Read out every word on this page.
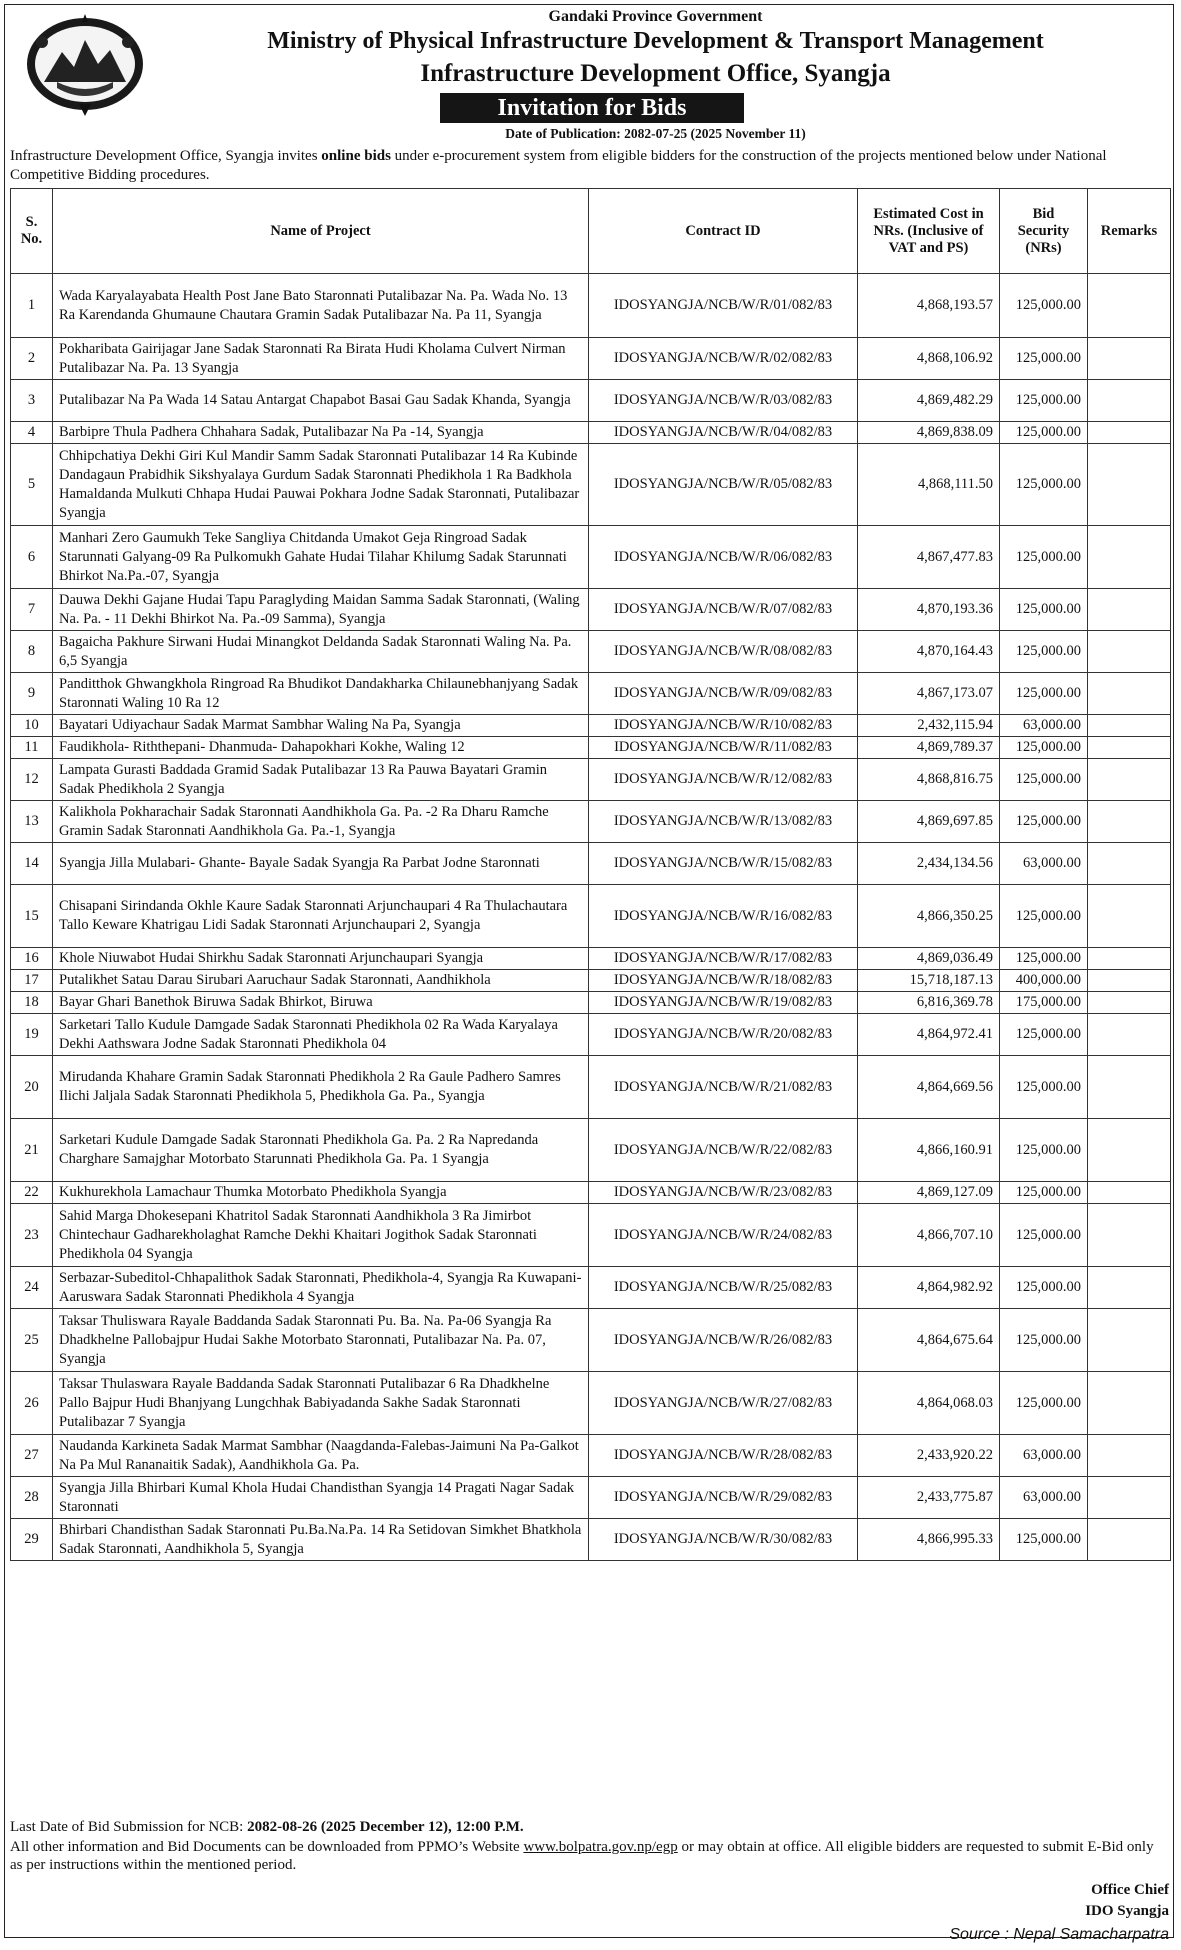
Gandaki Province Government
Ministry of Physical Infrastructure Development & Transport Management
Infrastructure Development Office, Syangja
Invitation for Bids
Date of Publication: 2082-07-25 (2025 November 11)
Infrastructure Development Office, Syangja invites online bids under e-procurement system from eligible bidders for the construction of the projects mentioned below under National Competitive Bidding procedures.
S. No.	Name of Project	Contract ID	Estimated Cost in NRs. (Inclusive of VAT and PS)	Bid Security (NRs)	Remarks
1	Wada Karyalayabata Health Post Jane Bato Staronnati Putalibazar Na. Pa. Wada No. 13 Ra Karendanda Ghumaune Chautara Gramin Sadak Putalibazar Na. Pa 11, Syangja	IDOSYANGJA/NCB/W/R/01/082/83	4,868,193.57	125,000.00	
2	Pokharibata Gairijagar Jane Sadak Staronnati Ra Birata Hudi Kholama Culvert Nirman Putalibazar Na. Pa. 13 Syangja	IDOSYANGJA/NCB/W/R/02/082/83	4,868,106.92	125,000.00	
3	Putalibazar Na Pa Wada 14 Satau Antargat Chapabot Basai Gau Sadak Khanda, Syangja	IDOSYANGJA/NCB/W/R/03/082/83	4,869,482.29	125,000.00	
4	Barbipre Thula Padhera Chhahara Sadak, Putalibazar Na Pa -14, Syangja	IDOSYANGJA/NCB/W/R/04/082/83	4,869,838.09	125,000.00	
5	Chhipchatiya Dekhi Giri Kul Mandir Samm Sadak Staronnati Putalibazar 14 Ra Kubinde Dandagaun Prabidhik Sikshyalaya Gurdum Sadak Staronnati Phedikhola 1 Ra Badkhola Hamaldanda Mulkuti Chhapa Hudai Pauwai Pokhara Jodne Sadak Staronnati, Putalibazar Syangja	IDOSYANGJA/NCB/W/R/05/082/83	4,868,111.50	125,000.00	
6	Manhari Zero Gaumukh Teke Sangliya Chitdanda Umakot Geja Ringroad Sadak Starunnati Galyang-09 Ra Pulkomukh Gahate Hudai Tilahar Khilumg Sadak Starunnati Bhirkot Na.Pa.-07, Syangja	IDOSYANGJA/NCB/W/R/06/082/83	4,867,477.83	125,000.00	
7	Dauwa Dekhi Gajane Hudai Tapu Paraglyding Maidan Samma Sadak Staronnati, (Waling Na. Pa. - 11 Dekhi Bhirkot Na. Pa.-09 Samma), Syangja	IDOSYANGJA/NCB/W/R/07/082/83	4,870,193.36	125,000.00	
8	Bagaicha Pakhure Sirwani Hudai Minangkot Deldanda Sadak Staronnati Waling Na. Pa. 6,5 Syangja	IDOSYANGJA/NCB/W/R/08/082/83	4,870,164.43	125,000.00	
9	Panditthok Ghwangkhola Ringroad Ra Bhudikot Dandakharka Chilaunebhanjyang Sadak Staronnati Waling 10 Ra 12	IDOSYANGJA/NCB/W/R/09/082/83	4,867,173.07	125,000.00	
10	Bayatari Udiyachaur Sadak Marmat Sambhar Waling Na Pa, Syangja	IDOSYANGJA/NCB/W/R/10/082/83	2,432,115.94	63,000.00	
11	Faudikhola- Riththepani- Dhanmuda- Dahapokhari Kokhe, Waling 12	IDOSYANGJA/NCB/W/R/11/082/83	4,869,789.37	125,000.00	
12	Lampata Gurasti Baddada Gramid Sadak Putalibazar 13 Ra Pauwa Bayatari Gramin Sadak Phedikhola 2 Syangja	IDOSYANGJA/NCB/W/R/12/082/83	4,868,816.75	125,000.00	
13	Kalikhola Pokharachair Sadak Staronnati Aandhikhola Ga. Pa. -2 Ra Dharu Ramche Gramin Sadak Staronnati Aandhikhola Ga. Pa.-1, Syangja	IDOSYANGJA/NCB/W/R/13/082/83	4,869,697.85	125,000.00	
14	Syangja Jilla Mulabari- Ghante- Bayale Sadak Syangja Ra Parbat Jodne Staronnati	IDOSYANGJA/NCB/W/R/15/082/83	2,434,134.56	63,000.00	
15	Chisapani Sirindanda Okhle Kaure Sadak Staronnati Arjunchaupari 4 Ra Thulachautara Tallo Keware Khatrigau Lidi Sadak Staronnati Arjunchaupari 2, Syangja	IDOSYANGJA/NCB/W/R/16/082/83	4,866,350.25	125,000.00	
16	Khole Niuwabot Hudai Shirkhu Sadak Staronnati Arjunchaupari Syangja	IDOSYANGJA/NCB/W/R/17/082/83	4,869,036.49	125,000.00	
17	Putalikhet Satau Darau Sirubari Aaruchaur Sadak Staronnati, Aandhikhola	IDOSYANGJA/NCB/W/R/18/082/83	15,718,187.13	400,000.00	
18	Bayar Ghari Banethok Biruwa Sadak Bhirkot, Biruwa	IDOSYANGJA/NCB/W/R/19/082/83	6,816,369.78	175,000.00	
19	Sarketari Tallo Kudule Damgade Sadak Staronnati Phedikhola 02 Ra Wada Karyalaya Dekhi Aathswara Jodne Sadak Staronnati Phedikhola 04	IDOSYANGJA/NCB/W/R/20/082/83	4,864,972.41	125,000.00	
20	Mirudanda Khahare Gramin Sadak Staronnati Phedikhola 2 Ra Gaule Padhero Samres Ilichi Jaljala Sadak Staronnati Phedikhola 5, Phedikhola Ga. Pa., Syangja	IDOSYANGJA/NCB/W/R/21/082/83	4,864,669.56	125,000.00	
21	Sarketari Kudule Damgade Sadak Staronnati Phedikhola Ga. Pa. 2 Ra Napredanda Charghare Samajghar Motorbato Starunnati Phedikhola Ga. Pa. 1 Syangja	IDOSYANGJA/NCB/W/R/22/082/83	4,866,160.91	125,000.00	
22	Kukhurekhola Lamachaur Thumka Motorbato Phedikhola Syangja	IDOSYANGJA/NCB/W/R/23/082/83	4,869,127.09	125,000.00	
23	Sahid Marga Dhokesepani Khatritol Sadak Staronnati Aandhikhola 3 Ra Jimirbot Chintechaur Gadharekholaghat Ramche Dekhi Khaitari Jogithok Sadak Staronnati Phedikhola 04 Syangja	IDOSYANGJA/NCB/W/R/24/082/83	4,866,707.10	125,000.00	
24	Serbazar-Subeditol-Chhapalithok Sadak Staronnati, Phedikhola-4, Syangja Ra Kuwapani-Aaruswara Sadak Staronnati Phedikhola 4 Syangja	IDOSYANGJA/NCB/W/R/25/082/83	4,864,982.92	125,000.00	
25	Taksar Thuliswara Rayale Baddanda Sadak Staronnati Pu. Ba. Na. Pa-06 Syangja Ra Dhadkhelne Pallobajpur Hudai Sakhe Motorbato Staronnati, Putalibazar Na. Pa. 07, Syangja	IDOSYANGJA/NCB/W/R/26/082/83	4,864,675.64	125,000.00	
26	Taksar Thulaswara Rayale Baddanda Sadak Staronnati Putalibazar 6 Ra Dhadkhelne Pallo Bajpur Hudi Bhanjyang Lungchhak Babiyadanda Sakhe Sadak Staronnati Putalibazar 7 Syangja	IDOSYANGJA/NCB/W/R/27/082/83	4,864,068.03	125,000.00	
27	Naudanda Karkineta Sadak Marmat Sambhar (Naagdanda-Falebas-Jaimuni Na Pa-Galkot Na Pa Mul Rananaitik Sadak), Aandhikhola Ga. Pa.	IDOSYANGJA/NCB/W/R/28/082/83	2,433,920.22	63,000.00	
28	Syangja Jilla Bhirbari Kumal Khola Hudai Chandisthan Syangja 14 Pragati Nagar Sadak Staronnati	IDOSYANGJA/NCB/W/R/29/082/83	2,433,775.87	63,000.00	
29	Bhirbari Chandisthan Sadak Staronnati Pu.Ba.Na.Pa. 14 Ra Setidovan Simkhet Bhatkhola Sadak Staronnati, Aandhikhola 5, Syangja	IDOSYANGJA/NCB/W/R/30/082/83	4,866,995.33	125,000.00	
Last Date of Bid Submission for NCB: 2082-08-26 (2025 December 12), 12:00 P.M.
All other information and Bid Documents can be downloaded from PPMO’s Website www.bolpatra.gov.np/egp or may obtain at office. All eligible bidders are requested to submit E-Bid only as per instructions within the mentioned period.
Office Chief
IDO Syangja
Source : Nepal Samacharpatra
